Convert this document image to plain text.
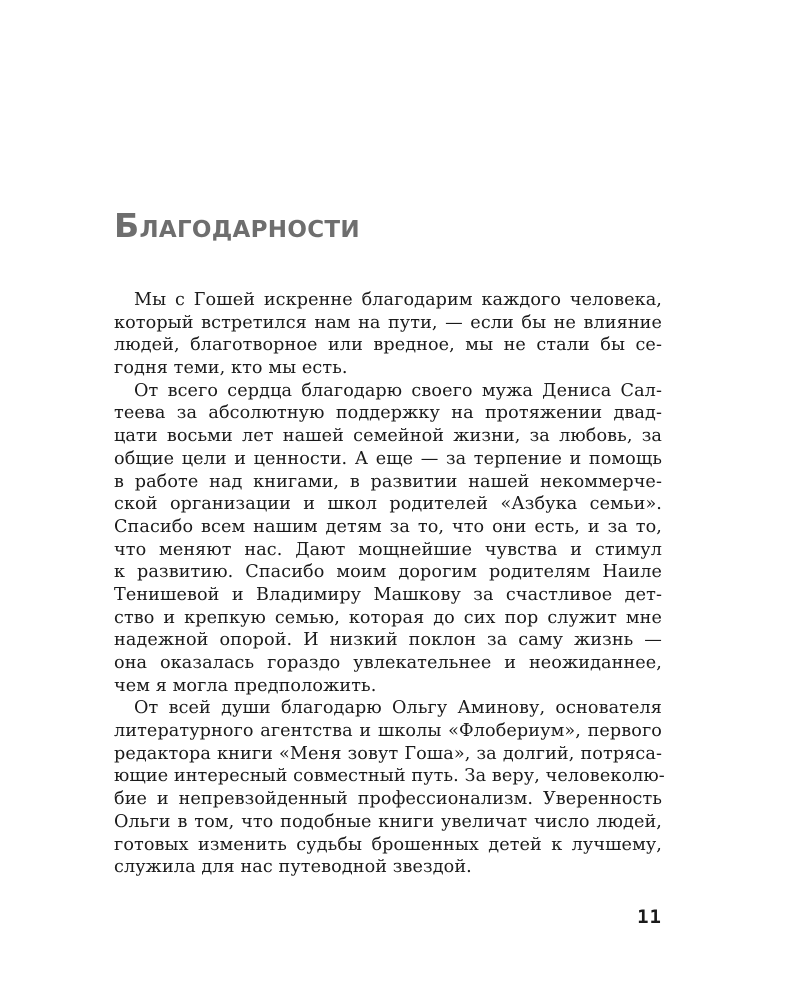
Благодарности
Мы с Гошей искренне благодарим каждого человека,
который встретился нам на пути, — если бы не влияние
людей, благотворное или вредное, мы не стали бы се-
годня теми, кто мы есть.
От всего сердца благодарю своего мужа Дениса Сал-
теева за абсолютную поддержку на протяжении двад-
цати восьми лет нашей семейной жизни, за любовь, за
общие цели и ценности. А еще — за терпение и помощь
в работе над книгами, в развитии нашей некоммерче-
ской организации и школ родителей «Азбука семьи».
Спасибо всем нашим детям за то, что они есть, и за то,
что меняют нас. Дают мощнейшие чувства и стимул
к развитию. Спасибо моим дорогим родителям Наиле
Тенишевой и Владимиру Машкову за счастливое дет-
ство и крепкую семью, которая до сих пор служит мне
надежной опорой. И низкий поклон за саму жизнь —
она оказалась гораздо увлекательнее и неожиданнее,
чем я могла предположить.
От всей души благодарю Ольгу Аминову, основателя
литературного агентства и школы «Флобериум», первого
редактора книги «Меня зовут Гоша», за долгий, потряса-
ющие интересный совместный путь. За веру, человеколю-
бие и непревзойденный профессионализм. Уверенность
Ольги в том, что подобные книги увеличат число людей,
готовых изменить судьбы брошенных детей к лучшему,
служила для нас путеводной звездой.
11
